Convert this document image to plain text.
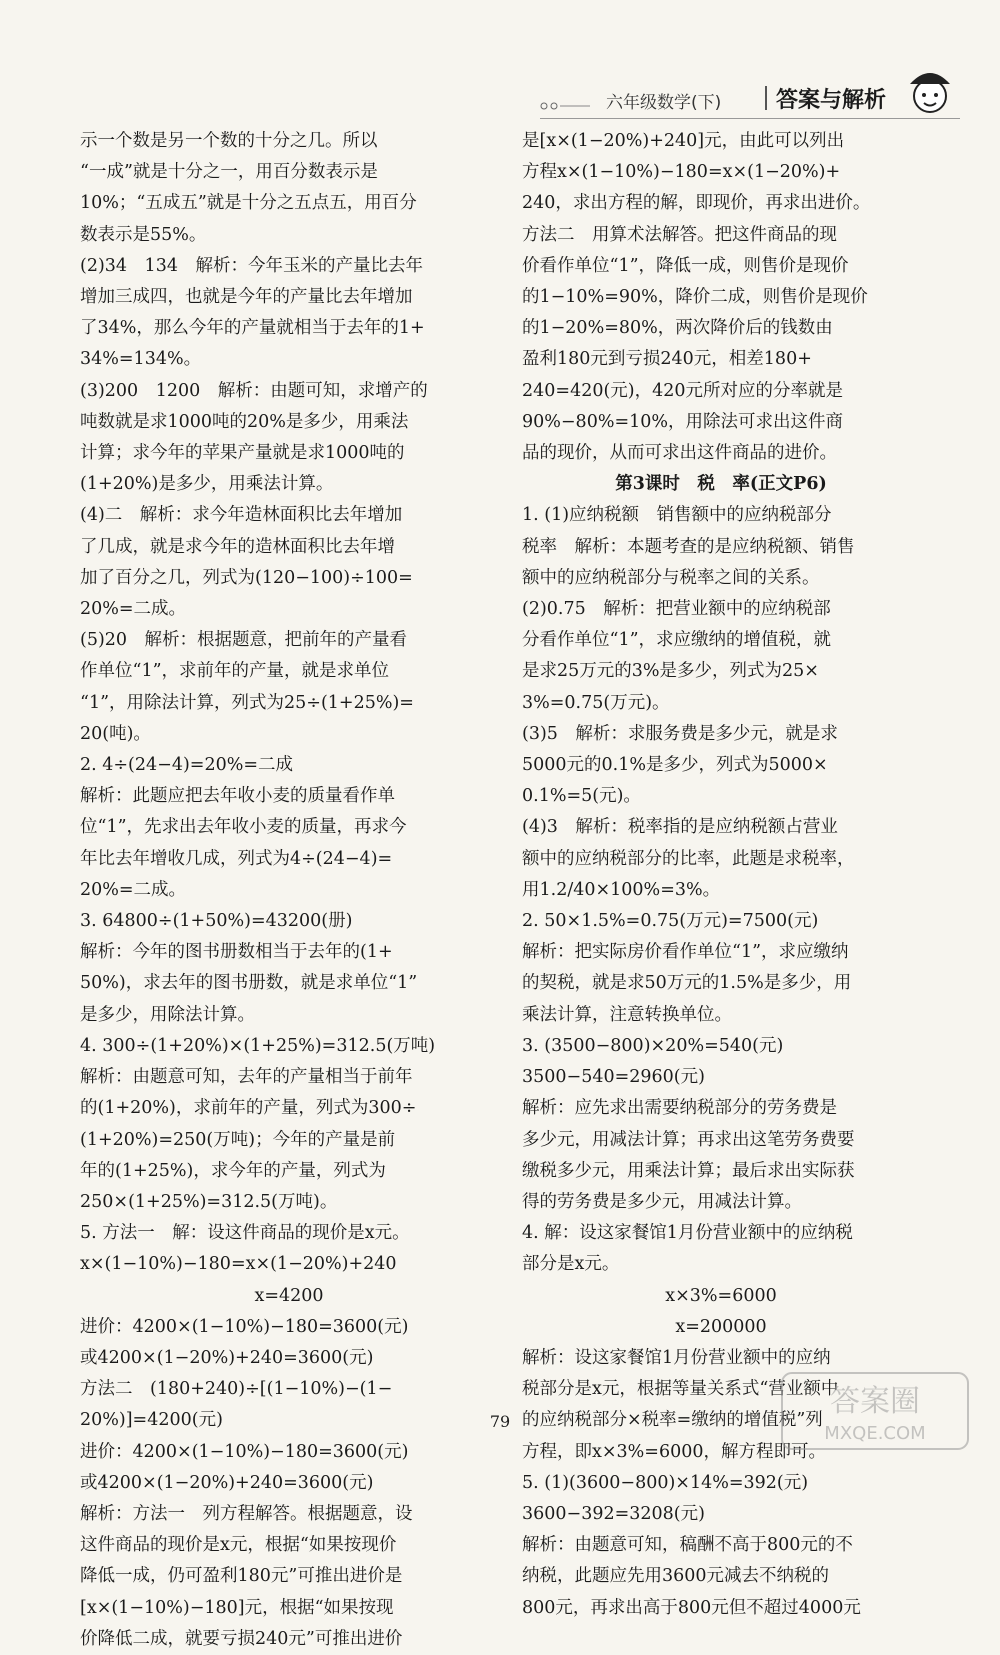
六年级数学(下) 答案与解析

示一个数是另一个数的十分之几。所以

“一成”就是十分之一，用百分数表示是

10%；“五成五”就是十分之五点五，用百分

数表示是55%。

(2)34　134　解析：今年玉米的产量比去年

增加三成四，也就是今年的产量比去年增加

了34%，那么今年的产量就相当于去年的1+

34%=134%。

(3)200　1200　解析：由题可知，求增产的

吨数就是求1000吨的20%是多少，用乘法

计算；求今年的苹果产量就是求1000吨的

(1+20%)是多少，用乘法计算。

(4)二　解析：求今年造林面积比去年增加

了几成，就是求今年的造林面积比去年增

加了百分之几，列式为(120−100)÷100=

20%=二成。

(5)20　解析：根据题意，把前年的产量看

作单位“1”，求前年的产量，就是求单位

“1”，用除法计算，列式为25÷(1+25%)=

20(吨)。

2. 4÷(24−4)=20%=二成

解析：此题应把去年收小麦的质量看作单

位“1”，先求出去年收小麦的质量，再求今

年比去年增收几成，列式为4÷(24−4)=

20%=二成。

3. 64800÷(1+50%)=43200(册)

解析：今年的图书册数相当于去年的(1+

50%)，求去年的图书册数，就是求单位“1”

是多少，用除法计算。

4. 300÷(1+20%)×(1+25%)=312.5(万吨)

解析：由题意可知，去年的产量相当于前年

的(1+20%)，求前年的产量，列式为300÷

(1+20%)=250(万吨)；今年的产量是前

年的(1+25%)，求今年的产量，列式为

250×(1+25%)=312.5(万吨)。

5. 方法一　解：设这件商品的现价是x元。

x×(1−10%)−180=x×(1−20%)+240

x=4200

进价：4200×(1−10%)−180=3600(元)

或4200×(1−20%)+240=3600(元)

方法二　(180+240)÷[(1−10%)−(1−

20%)]=4200(元)

进价：4200×(1−10%)−180=3600(元)

或4200×(1−20%)+240=3600(元)

解析：方法一　列方程解答。根据题意，设

这件商品的现价是x元，根据“如果按现价

降低一成，仍可盈利180元”可推出进价是

[x×(1−10%)−180]元，根据“如果按现

价降低二成，就要亏损240元”可推出进价

是[x×(1−20%)+240]元，由此可以列出

方程x×(1−10%)−180=x×(1−20%)+

240，求出方程的解，即现价，再求出进价。

方法二　用算术法解答。把这件商品的现

价看作单位“1”，降低一成，则售价是现价

的1−10%=90%，降价二成，则售价是现价

的1−20%=80%，两次降价后的钱数由

盈利180元到亏损240元，相差180+

240=420(元)，420元所对应的分率就是

90%−80%=10%，用除法可求出这件商

品的现价，从而可求出这件商品的进价。

第3课时　税　率(正文P6)

1. (1)应纳税额　销售额中的应纳税部分

税率　解析：本题考查的是应纳税额、销售

额中的应纳税部分与税率之间的关系。

(2)0.75　解析：把营业额中的应纳税部

分看作单位“1”，求应缴纳的增值税，就

是求25万元的3%是多少，列式为25×

3%=0.75(万元)。

(3)5　解析：求服务费是多少元，就是求

5000元的0.1%是多少，列式为5000×

0.1%=5(元)。

(4)3　解析：税率指的是应纳税额占营业

额中的应纳税部分的比率，此题是求税率，

用1.2/40×100%=3%。

2. 50×1.5%=0.75(万元)=7500(元)

解析：把实际房价看作单位“1”，求应缴纳

的契税，就是求50万元的1.5%是多少，用

乘法计算，注意转换单位。

3. (3500−800)×20%=540(元)

3500−540=2960(元)

解析：应先求出需要纳税部分的劳务费是

多少元，用减法计算；再求出这笔劳务费要

缴税多少元，用乘法计算；最后求出实际获

得的劳务费是多少元，用减法计算。

4. 解：设这家餐馆1月份营业额中的应纳税

部分是x元。

x×3%=6000

x=200000

解析：设这家餐馆1月份营业额中的应纳

税部分是x元，根据等量关系式“营业额中

的应纳税部分×税率=缴纳的增值税”列

方程，即x×3%=6000，解方程即可。

5. (1)(3600−800)×14%=392(元)

3600−392=3208(元)

解析：由题意可知，稿酬不高于800元的不

纳税，此题应先用3600元减去不纳税的

800元，再求出高于800元但不超过4000元

79
答案圈
MXQE.COM
